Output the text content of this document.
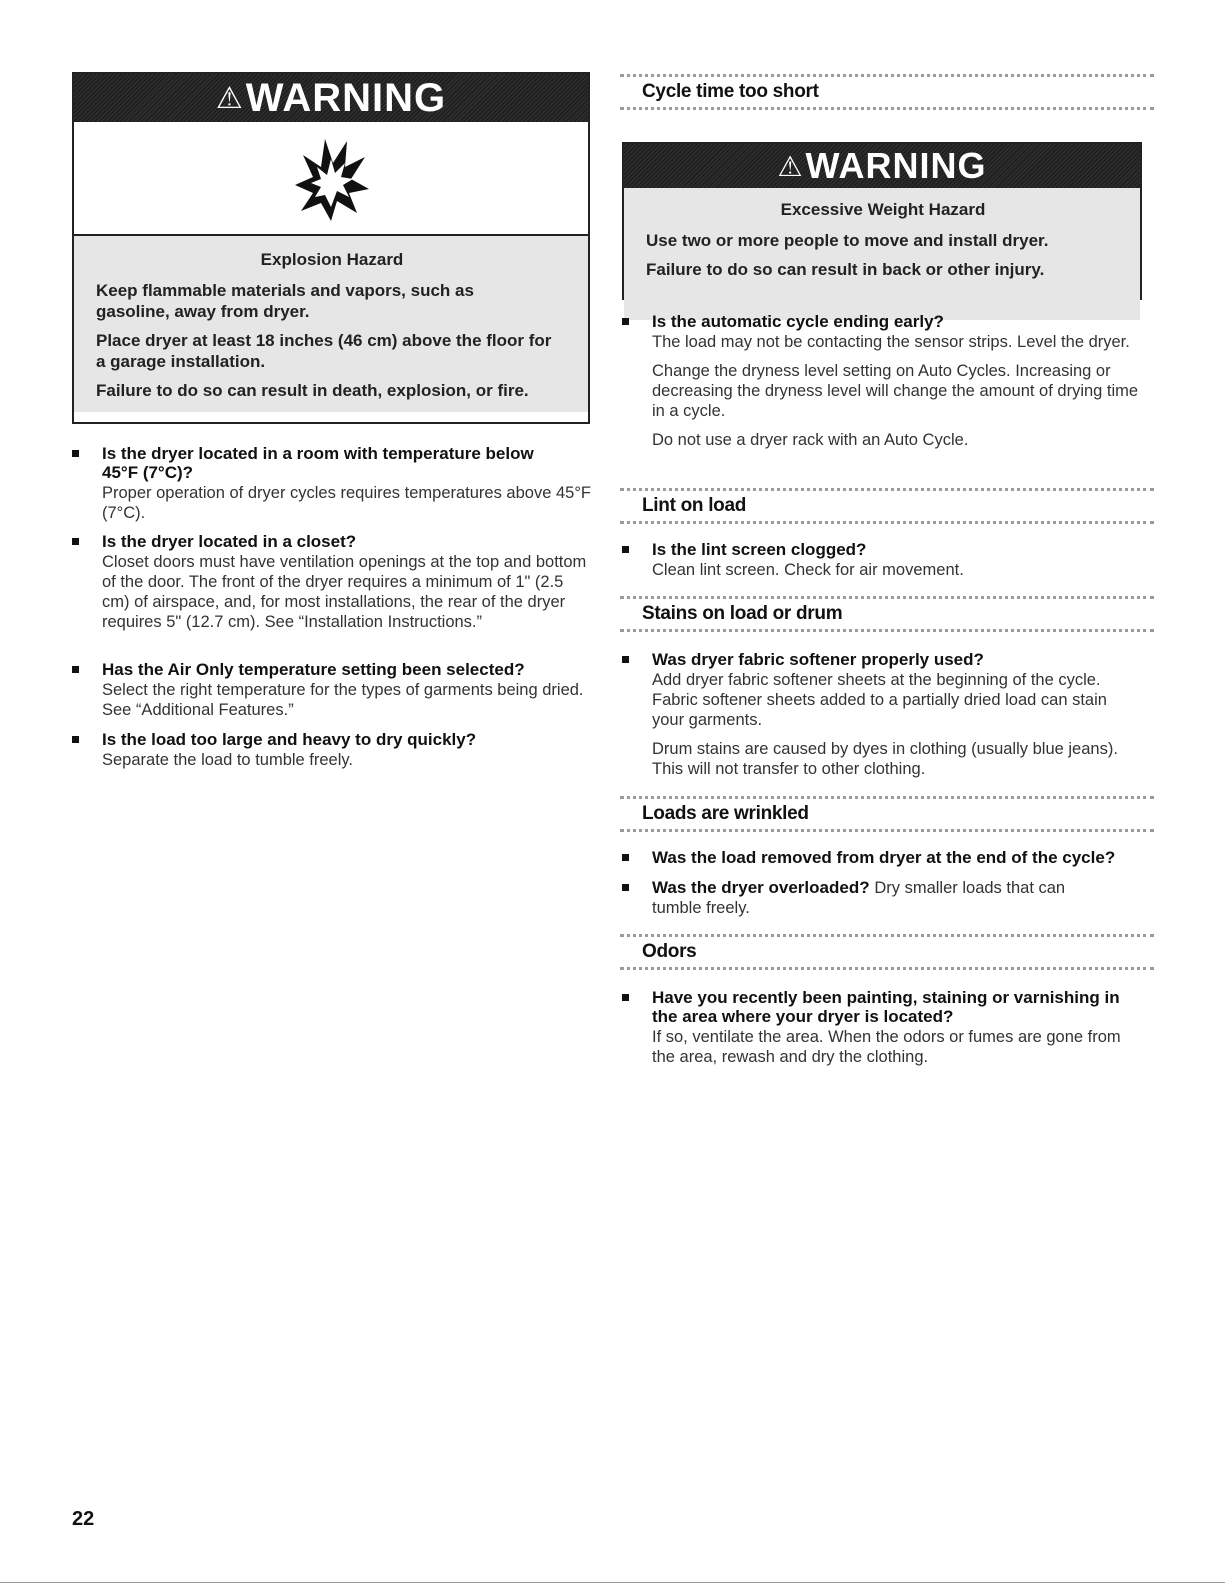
⚠ WARNING
Explosion Hazard

Keep flammable materials and vapors, such as gasoline, away from dryer.

Place dryer at least 18 inches (46 cm) above the floor for a garage installation.

Failure to do so can result in death, explosion, or fire.

Is the dryer located in a room with temperature below 45°F (7°C)?
Proper operation of dryer cycles requires temperatures above 45°F (7°C).
Is the dryer located in a closet?
Closet doors must have ventilation openings at the top and bottom of the door. The front of the dryer requires a minimum of 1" (2.5 cm) of airspace, and, for most installations, the rear of the dryer requires 5" (12.7 cm). See “Installation Instructions.”
Has the Air Only temperature setting been selected?
Select the right temperature for the types of garments being dried. See “Additional Features.”
Is the load too large and heavy to dry quickly?
Separate the load to tumble freely.
Cycle time too short
⚠ WARNING
Excessive Weight Hazard

Use two or more people to move and install dryer.

Failure to do so can result in back or other injury.

Is the automatic cycle ending early?
The load may not be contacting the sensor strips. Level the dryer.
Change the dryness level setting on Auto Cycles. Increasing or decreasing the dryness level will change the amount of drying time in a cycle.
Do not use a dryer rack with an Auto Cycle.
Lint on load
Is the lint screen clogged?
Clean lint screen. Check for air movement.
Stains on load or drum
Was dryer fabric softener properly used?
Add dryer fabric softener sheets at the beginning of the cycle. Fabric softener sheets added to a partially dried load can stain your garments.
Drum stains are caused by dyes in clothing (usually blue jeans). This will not transfer to other clothing.
Loads are wrinkled
Was the load removed from dryer at the end of the cycle?
Was the dryer overloaded? Dry smaller loads that can tumble freely.
Odors
Have you recently been painting, staining or varnishing in the area where your dryer is located?
If so, ventilate the area. When the odors or fumes are gone from the area, rewash and dry the clothing.
22
